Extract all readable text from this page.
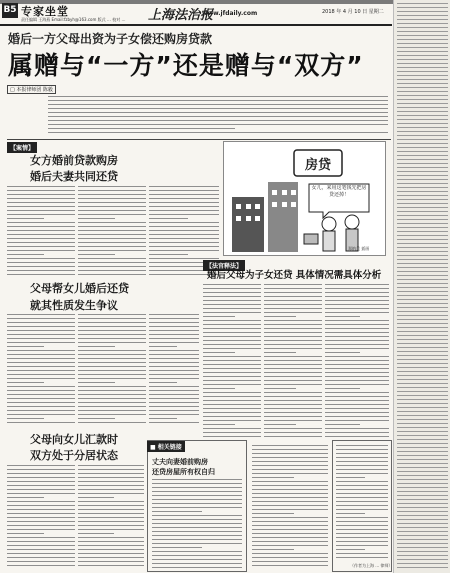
B5 专家坐堂
责任编辑 王海燕 Email:fzbyh@163.com 版式 … 校对 … 上海法治报
www.jfdaily.com	2018 年 4 月 10 日 星期二
婚后一方父母出资为子女偿还购房贷款
属赠与“一方”还是赠与“双方”
□ 本报律师团 陈毅
【案情】
女方婚前贷款购房
婚后夫妻共同还贷
父母帮女儿婚后还贷
就其性质发生争议
父母向女儿汇款时
双方处于分居状态
房贷
女儿，来用这笔钱先把房贷还掉！
郑纳美 插画
【法官释法】
婚后父母为子女还贷 具体情况需具体分析
■ 相关链接
丈夫向妻婚前购房
还贷房屋所有权自归
（作者为上海 … 律师）
